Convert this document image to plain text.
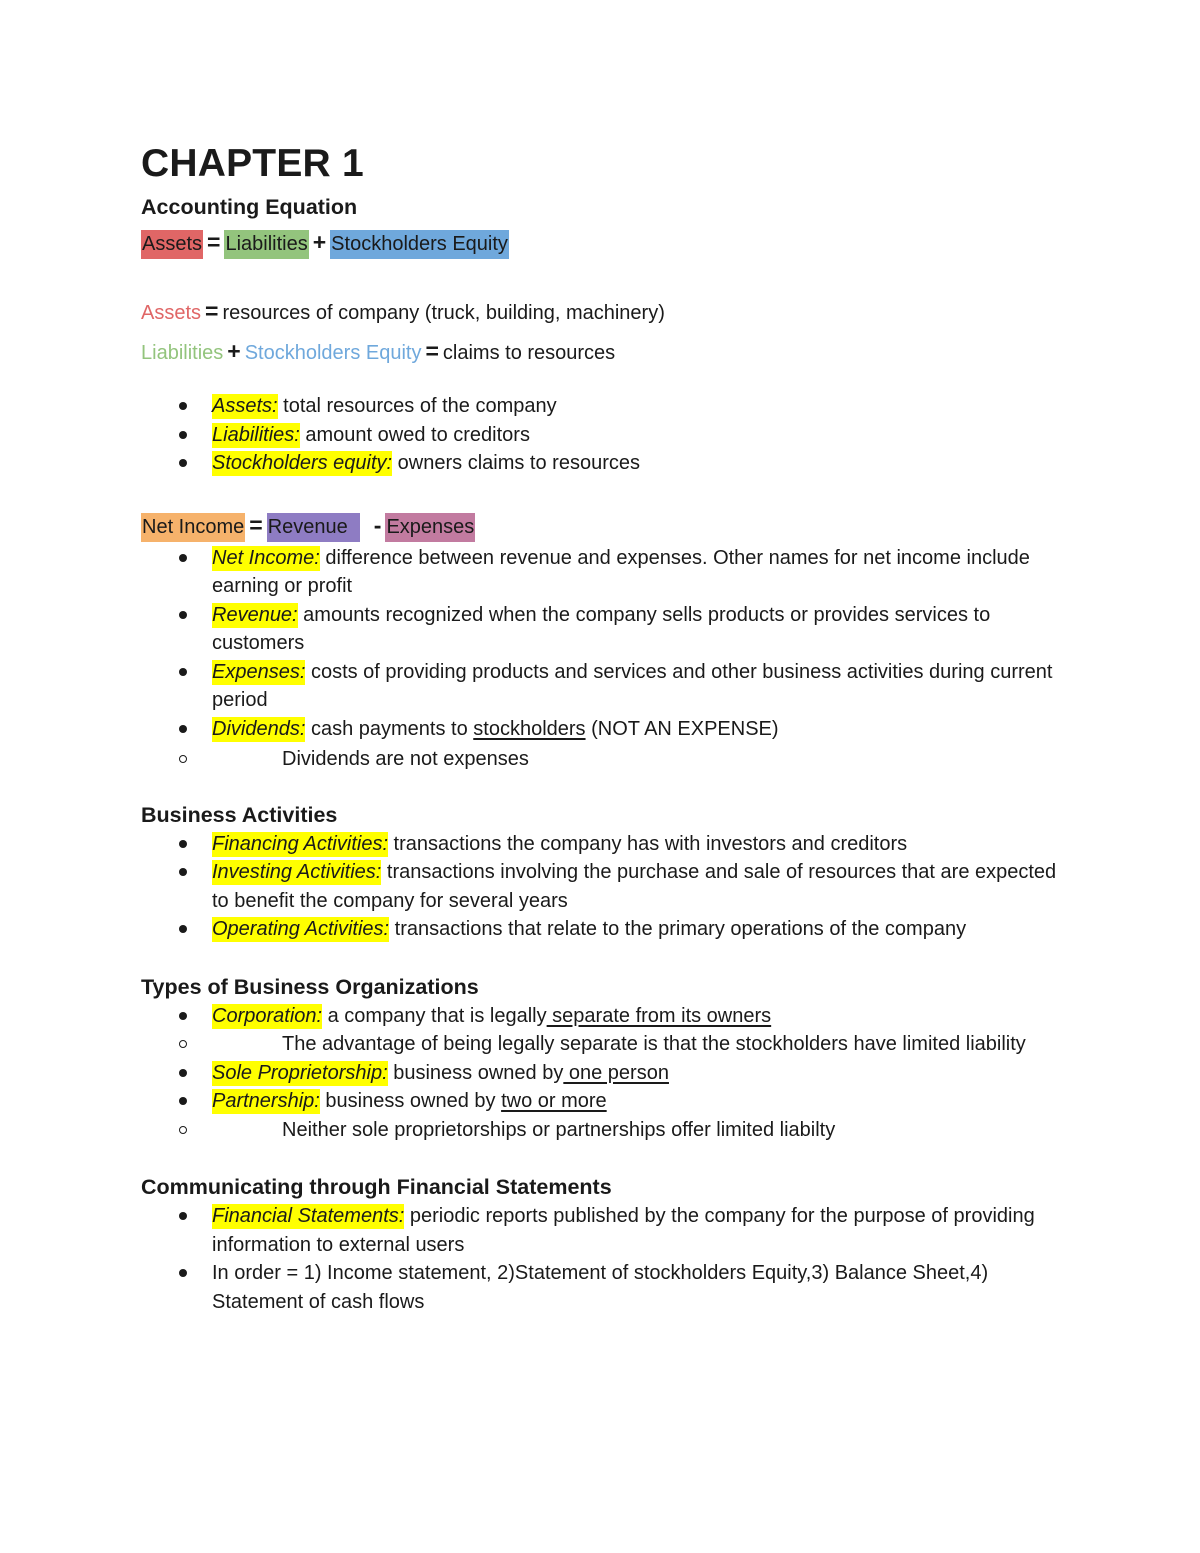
CHAPTER 1
Accounting Equation

Assets = Liabilities + Stockholders Equity

Assets = resources of company (truck, building, machinery)

Liabilities + Stockholders Equity = claims to resources

Assets: total resources of the company
Liabilities: amount owed to creditors
Stockholders equity: owners claims to resources

Net Income = Revenue - Expenses

Net Income: difference between revenue and expenses. Other names for net income include earning or profit
Revenue: amounts recognized when the company sells products or provides services to customers
Expenses: costs of providing products and services and other business activities during current period
Dividends: cash payments to stockholders (NOT AN EXPENSE)
Dividends are not expenses
Business Activities
Financing Activities: transactions the company has with investors and creditors
Investing Activities: transactions involving the purchase and sale of resources that are expected to benefit the company for several years
Operating Activities: transactions that relate to the primary operations of the company
Types of Business Organizations
Corporation: a company that is legally separate from its owners
The advantage of being legally separate is that the stockholders have limited liability
Sole Proprietorship: business owned by one person
Partnership: business owned by two or more
Neither sole proprietorships or partnerships offer limited liabilty
Communicating through Financial Statements
Financial Statements: periodic reports published by the company for the purpose of providing information to external users
In order = 1) Income statement, 2)Statement of stockholders Equity,3) Balance Sheet,4) Statement of cash flows
